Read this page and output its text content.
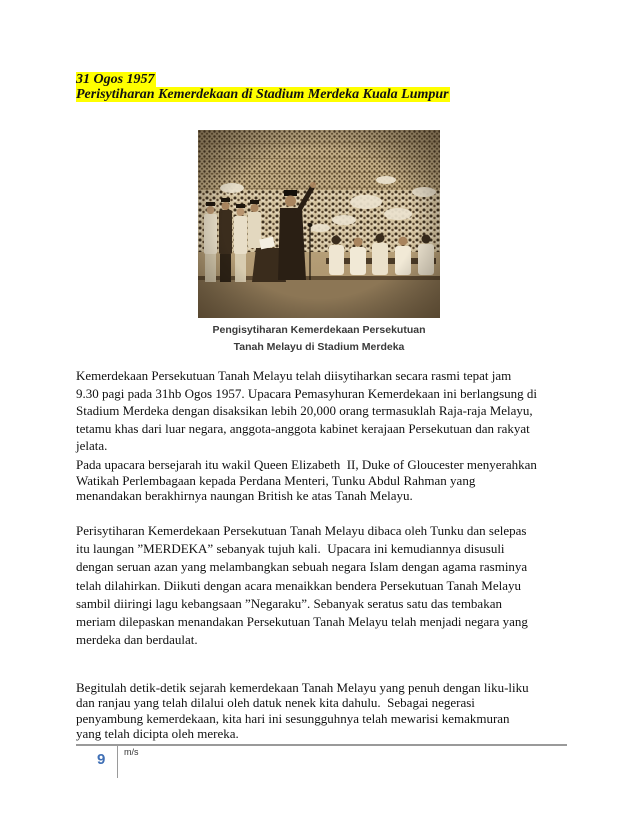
31 Ogos 1957
Perisytiharan Kemerdekaan di Stadium Merdeka Kuala Lumpur
Pengisytiharan Kemerdekaan Persekutuan
Tanah Melayu di Stadium Merdeka
Kemerdekaan Persekutuan Tanah Melayu telah diisytiharkan secara rasmi tepat jam
9.30 pagi pada 31hb Ogos 1957. Upacara Pemasyhuran Kemerdekaan ini berlangsung di
Stadium Merdeka dengan disaksikan lebih 20,000 orang termasuklah Raja-raja Melayu,
tetamu khas dari luar negara, anggota-anggota kabinet kerajaan Persekutuan dan rakyat
jelata.
Pada upacara bersejarah itu wakil Queen Elizabeth  II, Duke of Gloucester menyerahkan
Watikah Perlembagaan kepada Perdana Menteri, Tunku Abdul Rahman yang
menandakan berakhirnya naungan British ke atas Tanah Melayu.
Perisytiharan Kemerdekaan Persekutuan Tanah Melayu dibaca oleh Tunku dan selepas
itu laungan ”MERDEKA” sebanyak tujuh kali.  Upacara ini kemudiannya disusuli
dengan seruan azan yang melambangkan sebuah negara Islam dengan agama rasminya
telah dilahirkan. Diikuti dengan acara menaikkan bendera Persekutuan Tanah Melayu
sambil diiringi lagu kebangsaan ”Negaraku”. Sebanyak seratus satu das tembakan
meriam dilepaskan menandakan Persekutuan Tanah Melayu telah menjadi negara yang
merdeka dan berdaulat.
Begitulah detik-detik sejarah kemerdekaan Tanah Melayu yang penuh dengan liku-liku
dan ranjau yang telah dilalui oleh datuk nenek kita dahulu.  Sebagai negerasi
penyambung kemerdekaan, kita hari ini sesungguhnya telah mewarisi kemakmuran
yang telah dicipta oleh mereka.
9 m/s
